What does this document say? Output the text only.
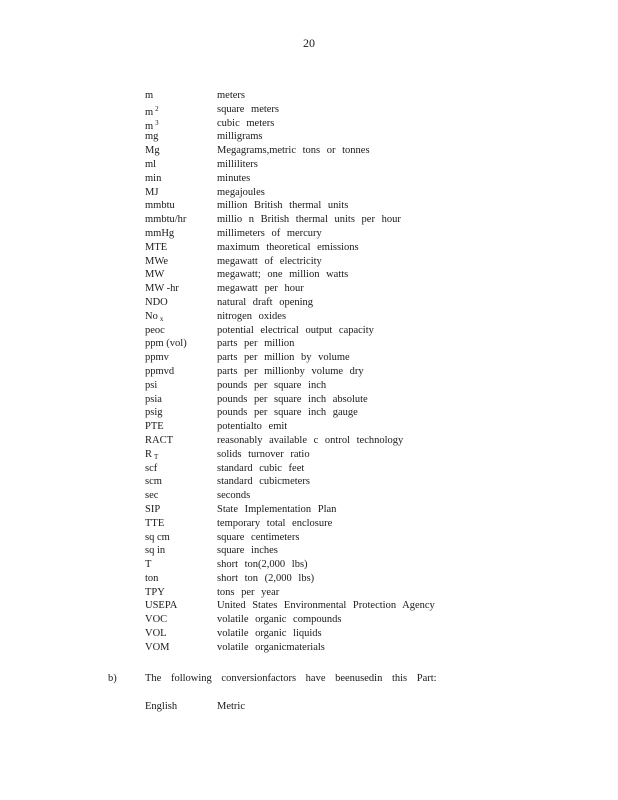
20
m	meters
m $^2$	square meters
m $^3$	cubic meters
mg	milligrams
Mg	Megagrams,metric tons or tonnes
ml	milliliters
min	minutes
MJ	megajoules
mmbtu	million British thermal units
mmbtu/hr	millio n British thermal units per hour
mmHg	millimeters of mercury
MTE	maximum theoretical emissions
MWe	megawatt of electricity
MW	megawatt; one million watts
MW -hr	megawatt per hour
NDO	natural draft opening
No $_x$	nitrogen oxides
peoc	potential electrical output capacity
ppm (vol)	parts per million
ppmv	parts per million by volume
ppmvd	parts per millionby volume dry
psi	pounds per square inch
psia	pounds per square inch absolute
psig	pounds per square inch gauge
PTE	potentialto emit
RACT	reasonably available c ontrol technology
R $_T$	solids turnover ratio
scf	standard cubic feet
scm	standard cubicmeters
sec	seconds
SIP	State Implementation Plan
TTE	temporary total enclosure
sq cm	square centimeters
sq in	square inches
T	short ton(2,000 lbs)
ton	short ton (2,000 lbs)
TPY	tons per year
USEPA	United States Environmental Protection Agency
VOC	volatile organic compounds
VOL	volatile organic liquids
VOM	volatile organicmaterials
b)	The following conversionfactors have beenusedin this Part:
English	Metric
